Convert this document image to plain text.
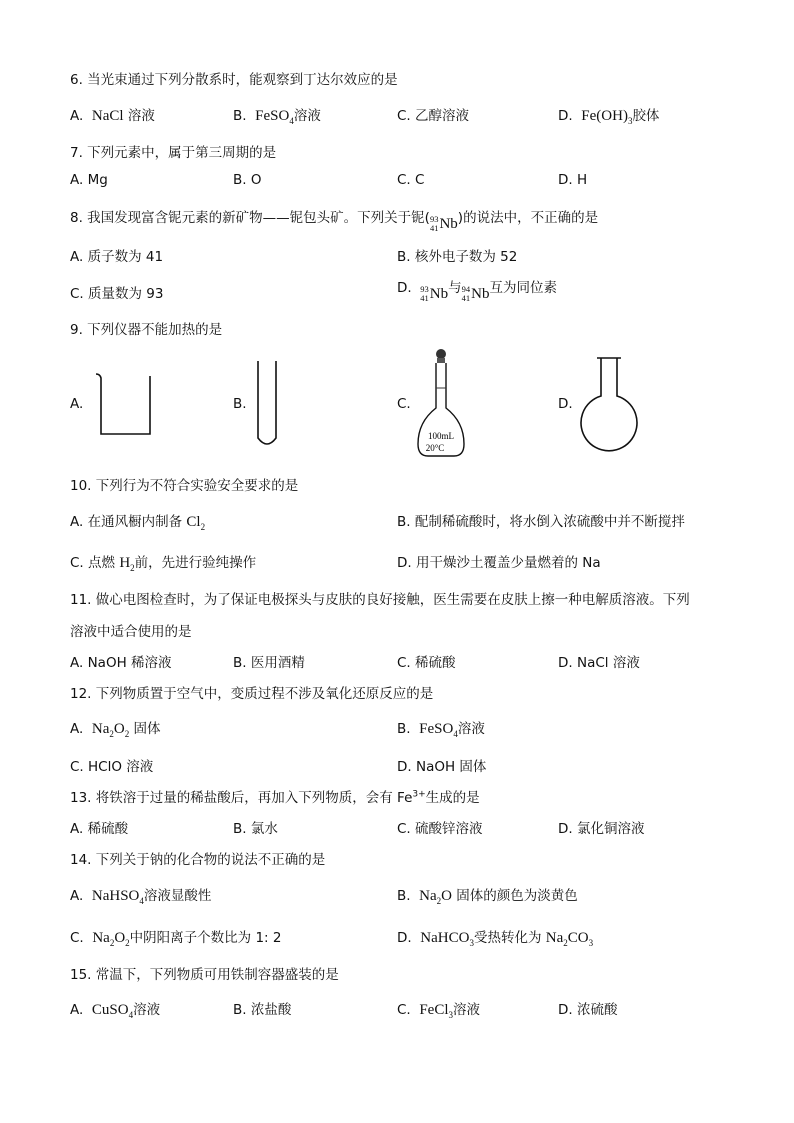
6. 当光束通过下列分散系时，能观察到丁达尔效应的是
A. NaCl 溶液	B. FeSO$_4$溶液	C. 乙醇溶液	D. $Fe(OH)_3$胶体
7. 下列元素中，属于第三周期的是
A. Mg	B. O	C. C	D. H
8. 我国发现富含铌元素的新矿物——铌包头矿。下列关于铌( 93
41 Nb )的说法中，不正确的是
A. 质子数为 41	B. 核外电子数为 52
C. 质量数为 93	D. 93
41 Nb 与 94
41 Nb 互为同位素
9. 下列仪器不能加热的是
A.	B.	C.	D.
100mL
20°C
10. 下列行为不符合实验安全要求的是
A. 在通风橱内制备 $Cl_2$	B. 配制稀硫酸时，将水倒入浓硫酸中并不断搅拌
C. 点燃 $H_2$前，先进行验纯操作	D. 用干燥沙土覆盖少量燃着的 Na
11. 做心电图检查时，为了保证电极探头与皮肤的良好接触，医生需要在皮肤上擦一种电解质溶液。下列
溶液中适合使用的是
A. NaOH 稀溶液	B. 医用酒精	C. 稀硫酸	D. NaCl 溶液
12. 下列物质置于空气中，变质过程不涉及氧化还原反应的是
A. $Na_2O_2$ 固体	B. FeSO$_4$溶液
C. HClO 溶液	D. NaOH 固体
13. 将铁溶于过量的稀盐酸后，再加入下列物质，会有 $Fe^{3+}$生成的是
A. 稀硫酸	B. 氯水	C. 硫酸锌溶液	D. 氯化铜溶液
14. 下列关于钠的化合物的说法不正确的是
A. NaHSO$_4$溶液显酸性	B. $Na_2O$ 固体的颜色为淡黄色
C. $Na_2O_2$中阴阳离子个数比为 1: 2	D. NaHCO$_3$受热转化为 $Na_2CO_3$
15. 常温下，下列物质可用铁制容器盛装的是
A. CuSO$_4$溶液	B. 浓盐酸	C. FeCl$_3$溶液	D. 浓硫酸
